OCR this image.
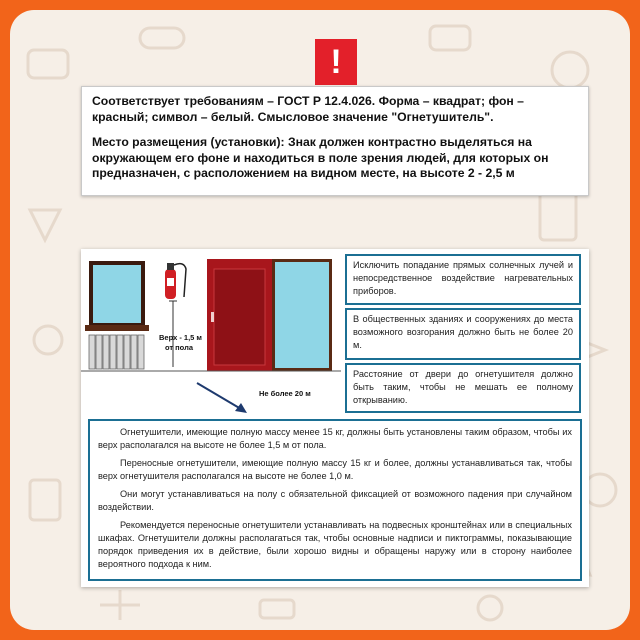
!

Соответствует требованиям – ГОСТ Р 12.4.026. Форма – квадрат; фон – красный; символ – белый. Смысловое значение "Огнетушитель".

Место размещения (установки): Знак должен контрастно выделяться на окружающем его фоне и находиться в поле зрения людей, для которых он предназначен, с расположением на видном месте, на высоте 2 - 2,5 м

Верх - 1,5 м
от пола
Не более 20 м
Исключить попадание прямых солнечных лучей и непосредственное воздействие нагревательных приборов.
В общественных зданиях и сооружениях до места возможного возгорания должно быть не более 20 м.
Расстояние от двери до огнетушителя должно быть таким, чтобы не мешать ее полному открыванию.

Огнетушители, имеющие полную массу менее 15 кг, должны быть установлены таким образом, чтобы их верх располагался на высоте не более 1,5 м от пола.

Переносные огнетушители, имеющие полную массу 15 кг и более, должны устанавливаться так, чтобы верх огнетушителя располагался на высоте не более 1,0 м.

Они могут устанавливаться на полу с обязательной фиксацией от возможного падения при случайном воздействии.

Рекомендуется переносные огнетушители устанавливать на подвесных кронштейнах или в специальных шкафах. Огнетушители должны располагаться так, чтобы основные надписи и пиктограммы, показывающие порядок приведения их в действие, были хорошо видны и обращены наружу или в сторону наиболее вероятного подхода к ним.
